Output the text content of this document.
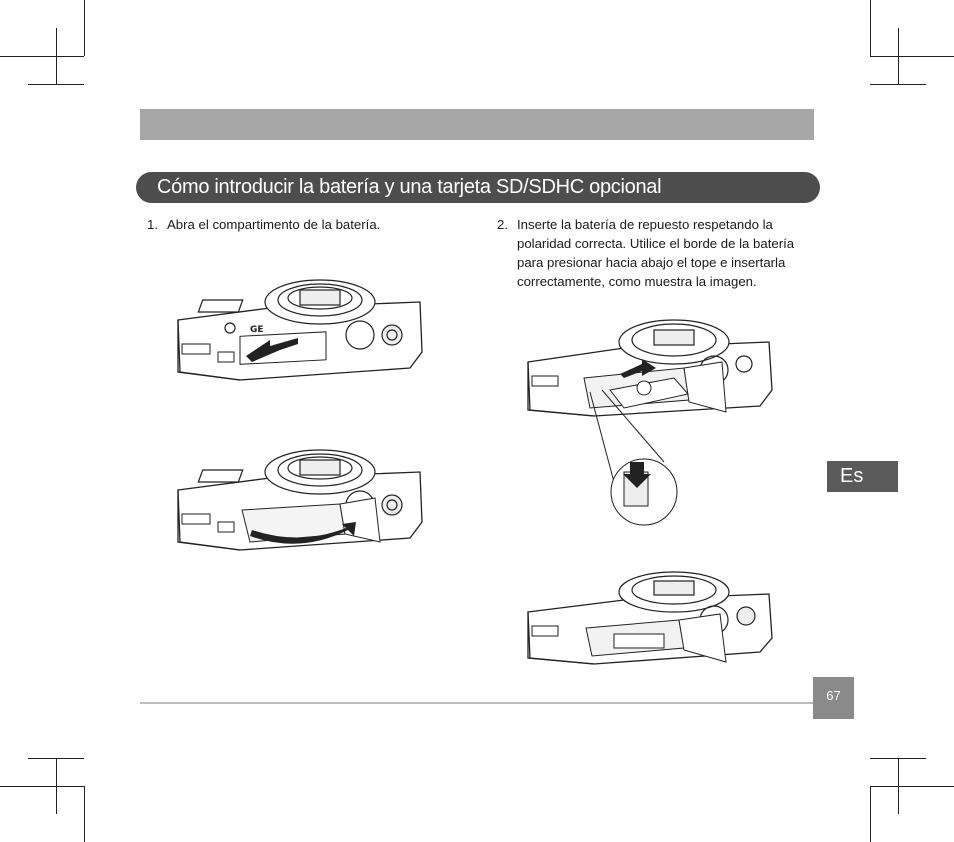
Cómo introducir la batería y una tarjeta SD/SDHC opcional
1. Abra el compartimento de la batería.	2. Inserte la batería de repuesto respetando la
polaridad correcta. Utilice el borde de la batería
para presionar hacia abajo el tope e insertarla
correctamente, como muestra la imagen.
GE
Es
67
